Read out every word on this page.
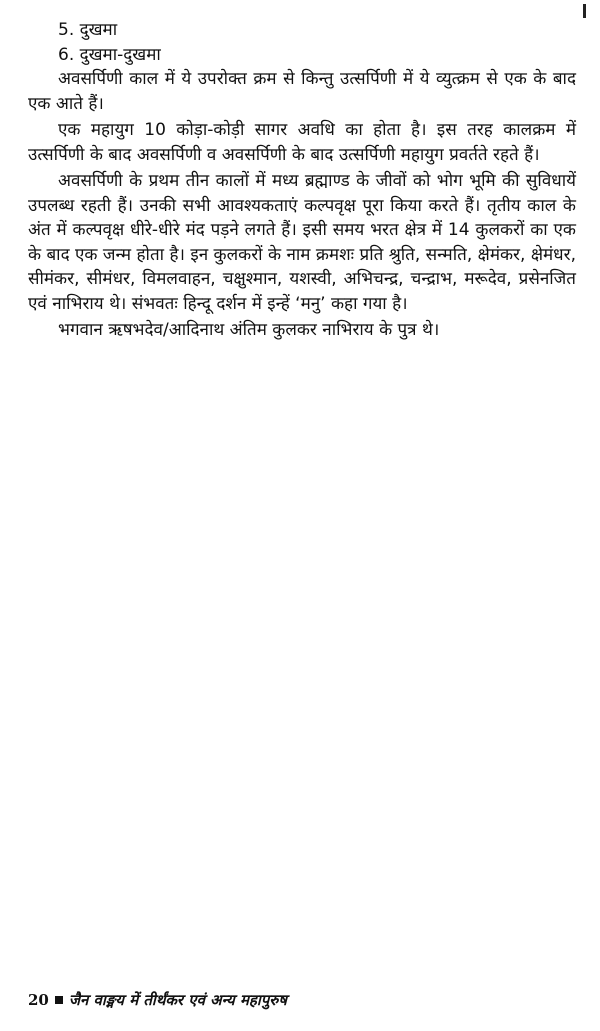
5. दुखमा

6. दुखमा-दुखमा

अवसर्पिणी काल में ये उपरोक्त क्रम से किन्तु उत्सर्पिणी में ये व्युत्क्रम से एक के बाद एक आते हैं।

एक महायुग 10 कोड़ा-कोड़ी सागर अवधि का होता है। इस तरह कालक्रम में उत्सर्पिणी के बाद अवसर्पिणी व अवसर्पिणी के बाद उत्सर्पिणी महायुग प्रवर्तते रहते हैं।

अवसर्पिणी के प्रथम तीन कालों में मध्य ब्रह्माण्ड के जीवों को भोग भूमि की सुविधायें उपलब्ध रहती हैं। उनकी सभी आवश्यकताएं कल्पवृक्ष पूरा किया करते हैं। तृतीय काल के अंत में कल्पवृक्ष धीरे-धीरे मंद पड़ने लगते हैं। इसी समय भरत क्षेत्र में 14 कुलकरों का एक के बाद एक जन्म होता है। इन कुलकरों के नाम क्रमशः प्रति श्रुति, सन्मति, क्षेमंकर, क्षेमंधर, सीमंकर, सीमंधर, विमलवाहन, चक्षुश्मान, यशस्वी, अभिचन्द्र, चन्द्राभ, मरूदेव, प्रसेनजित एवं नाभिराय थे। संभवतः हिन्दू दर्शन में इन्हें ‘मनु’ कहा गया है।

भगवान ऋषभदेव/आदिनाथ अंतिम कुलकर नाभिराय के पुत्र थे।

20 जैन वाङ्मय में तीर्थंकर एवं अन्य महापुरुष
